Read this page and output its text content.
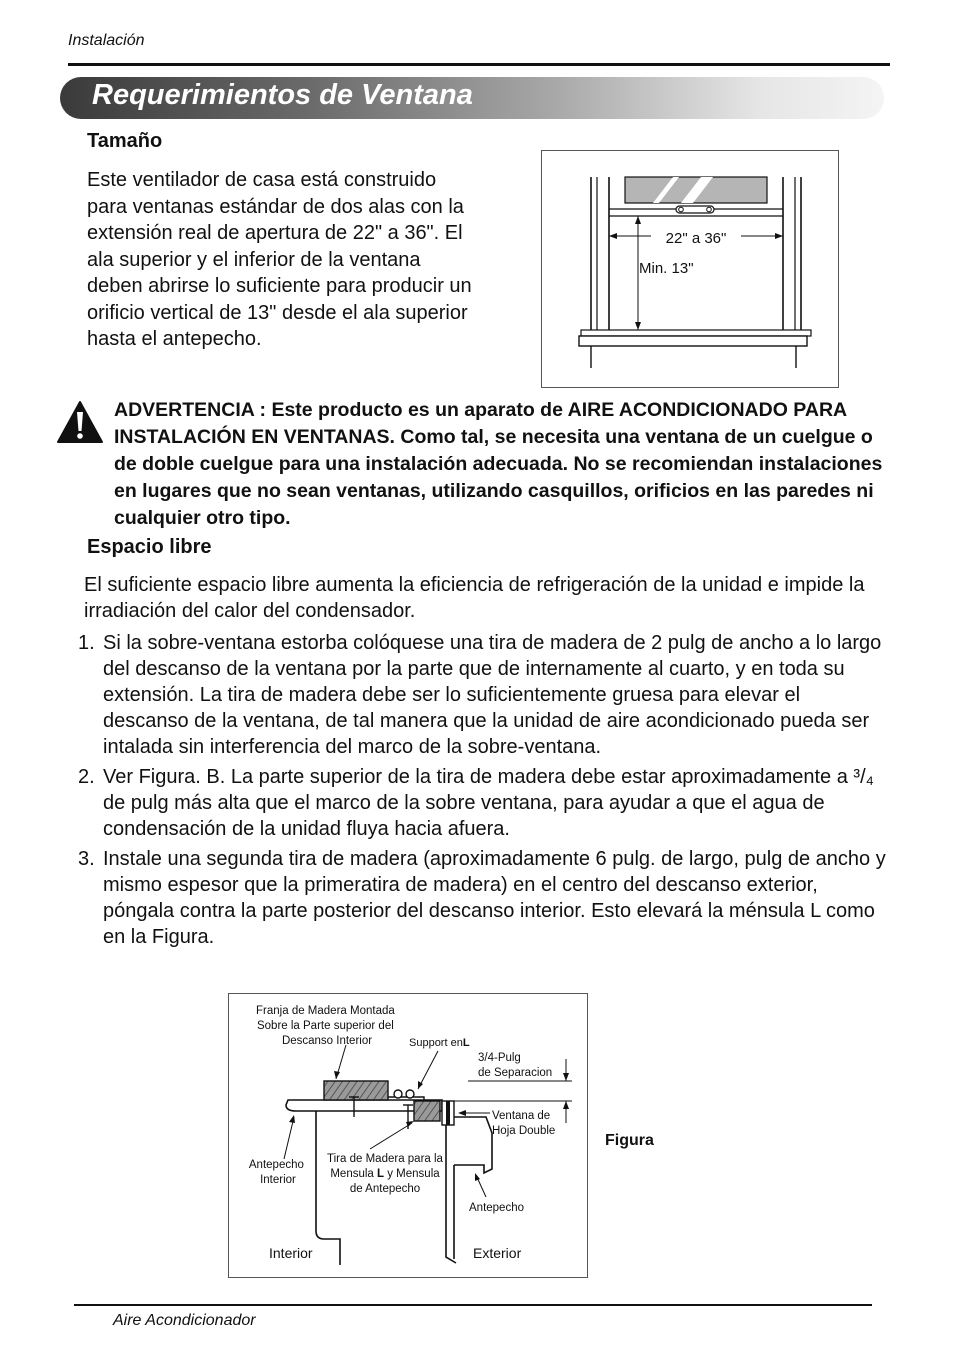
Instalación
Requerimientos de Ventana
Tamaño
Este ventilador de casa está construido para ventanas estándar de dos alas con la extensión real de apertura de 22" a 36". El ala superior y el inferior de la ventana deben abrirse lo suficiente para producir un orificio vertical de 13" desde el ala superior hasta el antepecho.
22" a 36"
Min. 13"
ADVERTENCIA : Este producto es un aparato de AIRE ACONDICIONADO PARA INSTALACIÓN EN VENTANAS. Como tal, se necesita una ventana de un cuelgue o de doble cuelgue para una instalación adecuada. No se recomiendan instalaciones en lugares que no sean ventanas, utilizando casquillos, orificios en las paredes ni cualquier otro tipo.
Espacio libre
El suficiente espacio libre aumenta la eficiencia de refrigeración de la unidad e impide la irradiación del calor del condensador.
1. Si la sobre-ventana estorba colóquese una tira de madera de 2 pulg de ancho a lo largo del descanso de la ventana por la parte que de internamente al cuarto, y en toda su extensión. La tira de madera debe ser lo suficientemente gruesa para elevar el descanso de la ventana, de tal manera que la unidad de aire acondicionado pueda ser intalada sin interferencia del marco de la sobre-ventana.
2. Ver Figura. B. La parte superior de la tira de madera debe estar aproximadamente a ³/₄ de pulg más alta que el marco de la sobre ventana, para ayudar a que el agua de condensación de la unidad fluya hacia afuera.
3. Instale una segunda tira de madera (aproximadamente 6 pulg. de largo, pulg de ancho y mismo espesor que la primeratira de madera) en el centro del descanso exterior, póngala contra la parte posterior del descanso interior. Esto elevará la ménsula L como en la Figura.
Franja de Madera Montada Sobre la Parte superior del Descanso Interior	Support enL
3/4-Pulg de Separacion
Ventana de Hoja Double
Antepecho Interior
Tira de Madera para la
Mensula L y Mensula
de Antepecho
Antepecho
Interior	Exterior
Figura
Aire Acondicionador
